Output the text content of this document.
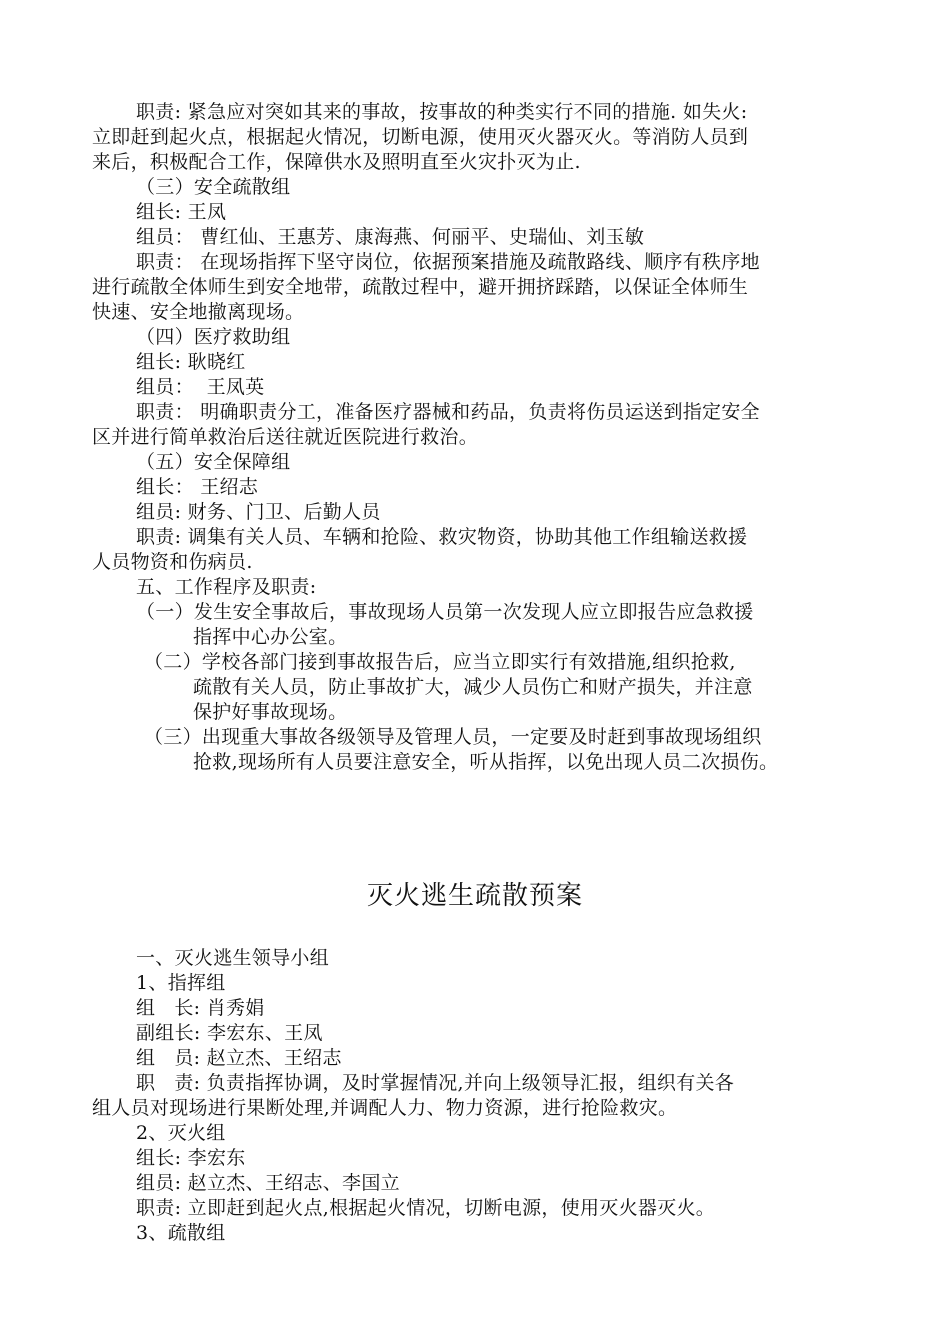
职责: 紧急应对突如其来的事故，按事故的种类实行不同的措施. 如失火:
立即赶到起火点，根据起火情况，切断电源，使用灭火器灭火。等消防人员到
来后，积极配合工作，保障供水及照明直至火灾扑灭为止.
（三）安全疏散组
组长: 王凤
组员： 曹红仙、王惠芳、康海燕、何丽平、史瑞仙、刘玉敏
职责： 在现场指挥下坚守岗位，依据预案措施及疏散路线、顺序有秩序地
进行疏散全体师生到安全地带，疏散过程中，避开拥挤踩踏，以保证全体师生
快速、安全地撤离现场。
（四）医疗救助组
组长: 耿晓红
组员：  王凤英
职责： 明确职责分工，准备医疗器械和药品，负责将伤员运送到指定安全
区并进行简单救治后送往就近医院进行救治。
（五）安全保障组
组长： 王绍志
组员: 财务、门卫、后勤人员
职责: 调集有关人员、车辆和抢险、救灾物资，协助其他工作组输送救援
人员物资和伤病员.
五、工作程序及职责:
（一）发生安全事故后，事故现场人员第一次发现人应立即报告应急救援
指挥中心办公室。
（二）学校各部门接到事故报告后，应当立即实行有效措施,组织抢救,
疏散有关人员，防止事故扩大，减少人员伤亡和财产损失，并注意
保护好事故现场。
（三）出现重大事故各级领导及管理人员，一定要及时赶到事故现场组织
抢救,现场所有人员要注意安全，听从指挥，以免出现人员二次损伤。
灭火逃生疏散预案
一、灭火逃生领导小组
1、指挥组
组   长: 肖秀娟
副组长: 李宏东、王凤
组   员: 赵立杰、王绍志
职   责: 负责指挥协调，及时掌握情况,并向上级领导汇报，组织有关各
组人员对现场进行果断处理,并调配人力、物力资源，进行抢险救灾。
2、灭火组
组长: 李宏东
组员: 赵立杰、王绍志、李国立
职责: 立即赶到起火点,根据起火情况，切断电源，使用灭火器灭火。
3、疏散组
